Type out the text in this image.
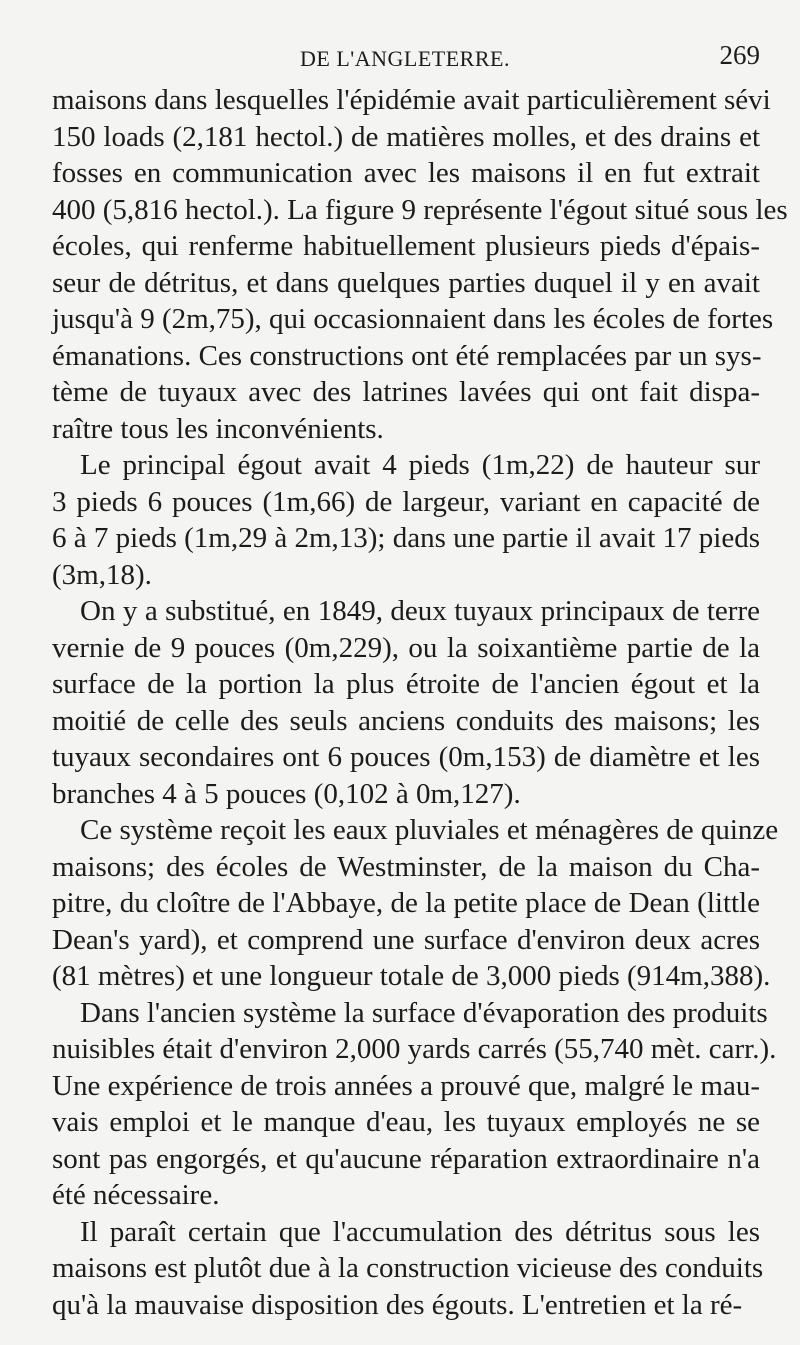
DE L'ANGLETERRE.	269
maisons dans lesquelles l'épidémie avait particulièrement sévi
150 loads (2,181 hectol.) de matières molles, et des drains et
fosses en communication avec les maisons il en fut extrait
400 (5,816 hectol.). La figure 9 représente l'égout situé sous les
écoles, qui renferme habituellement plusieurs pieds d'épais-
seur de détritus, et dans quelques parties duquel il y en avait
jusqu'à 9 (2m,75), qui occasionnaient dans les écoles de fortes
émanations. Ces constructions ont été remplacées par un sys-
tème de tuyaux avec des latrines lavées qui ont fait dispa-
raître tous les inconvénients.
Le principal égout avait 4 pieds (1m,22) de hauteur sur
3 pieds 6 pouces (1m,66) de largeur, variant en capacité de
6 à 7 pieds (1m,29 à 2m,13); dans une partie il avait 17 pieds
(3m,18).
On y a substitué, en 1849, deux tuyaux principaux de terre
vernie de 9 pouces (0m,229), ou la soixantième partie de la
surface de la portion la plus étroite de l'ancien égout et la
moitié de celle des seuls anciens conduits des maisons; les
tuyaux secondaires ont 6 pouces (0m,153) de diamètre et les
branches 4 à 5 pouces (0,102 à 0m,127).
Ce système reçoit les eaux pluviales et ménagères de quinze
maisons; des écoles de Westminster, de la maison du Cha-
pitre, du cloître de l'Abbaye, de la petite place de Dean (little
Dean's yard), et comprend une surface d'environ deux acres
(81 mètres) et une longueur totale de 3,000 pieds (914m,388).
Dans l'ancien système la surface d'évaporation des produits
nuisibles était d'environ 2,000 yards carrés (55,740 mèt. carr.).
Une expérience de trois années a prouvé que, malgré le mau-
vais emploi et le manque d'eau, les tuyaux employés ne se
sont pas engorgés, et qu'aucune réparation extraordinaire n'a
été nécessaire.
Il paraît certain que l'accumulation des détritus sous les
maisons est plutôt due à la construction vicieuse des conduits
qu'à la mauvaise disposition des égouts. L'entretien et la ré-
